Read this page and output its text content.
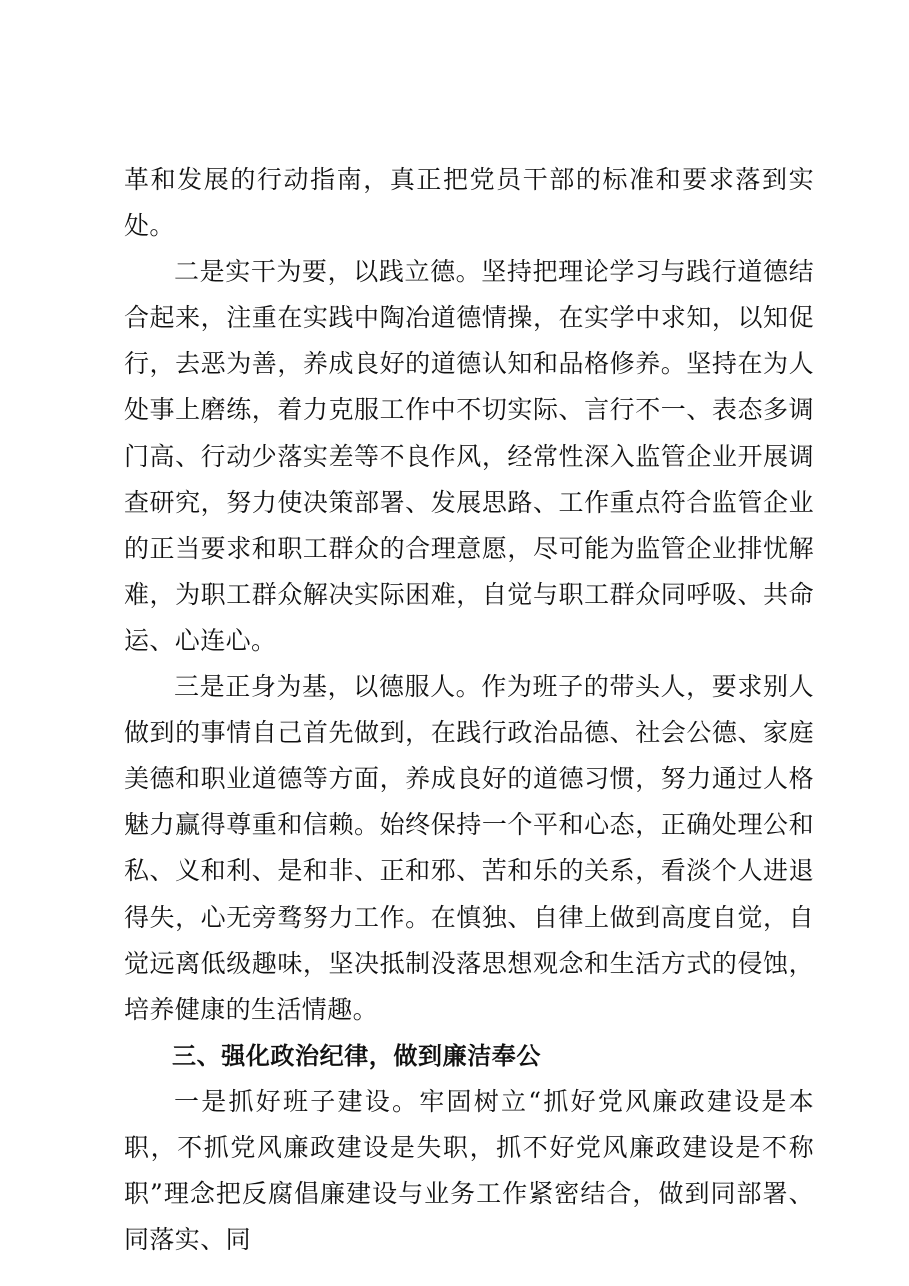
革和发展的行动指南，真正把党员干部的标准和要求落到实处。

二是实干为要，以践立德。坚持把理论学习与践行道德结合起来，注重在实践中陶冶道德情操，在实学中求知，以知促行，去恶为善，养成良好的道德认知和品格修养。坚持在为人处事上磨练，着力克服工作中不切实际、言行不一、表态多调门高、行动少落实差等不良作风，经常性深入监管企业开展调查研究，努力使决策部署、发展思路、工作重点符合监管企业的正当要求和职工群众的合理意愿，尽可能为监管企业排忧解难，为职工群众解决实际困难，自觉与职工群众同呼吸、共命运、心连心。

三是正身为基，以德服人。作为班子的带头人，要求别人做到的事情自己首先做到，在践行政治品德、社会公德、家庭美德和职业道德等方面，养成良好的道德习惯，努力通过人格魅力赢得尊重和信赖。始终保持一个平和心态，正确处理公和私、义和利、是和非、正和邪、苦和乐的关系，看淡个人进退得失，心无旁骛努力工作。在慎独、自律上做到高度自觉，自觉远离低级趣味，坚决抵制没落思想观念和生活方式的侵蚀，培养健康的生活情趣。

三、强化政治纪律，做到廉洁奉公

一是抓好班子建设。牢固树立“抓好党风廉政建设是本职，不抓党风廉政建设是失职，抓不好党风廉政建设是不称职”理念把反腐倡廉建设与业务工作紧密结合，做到同部署、同落实、同
